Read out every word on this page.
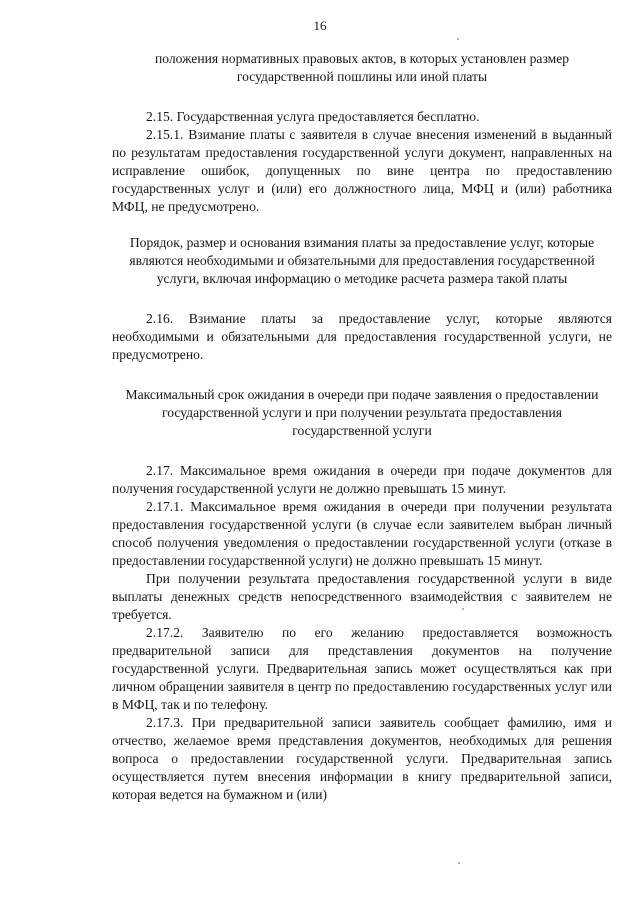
16

положения нормативных правовых актов, в которых установлен размер государственной пошлины или иной платы

2.15. Государственная услуга предоставляется бесплатно.

2.15.1. Взимание платы с заявителя в случае внесения изменений в выданный по результатам предоставления государственной услуги документ, направленных на исправление ошибок, допущенных по вине центра по предоставлению государственных услуг и (или) его должностного лица, МФЦ и (или) работника МФЦ, не предусмотрено.

Порядок, размер и основания взимания платы за предоставление услуг, которые являются необходимыми и обязательными для предоставления государственной услуги, включая информацию о методике расчета размера такой платы

2.16. Взимание платы за предоставление услуг, которые являются необходимыми и обязательными для предоставления государственной услуги, не предусмотрено.

Максимальный срок ожидания в очереди при подаче заявления о предоставлении государственной услуги и при получении результата предоставления государственной услуги

2.17. Максимальное время ожидания в очереди при подаче документов для получения государственной услуги не должно превышать 15 минут.

2.17.1. Максимальное время ожидания в очереди при получении результата предоставления государственной услуги (в случае если заявителем выбран личный способ получения уведомления о предоставлении государственной услуги (отказе в предоставлении государственной услуги) не должно превышать 15 минут.

При получении результата предоставления государственной услуги в виде выплаты денежных средств непосредственного взаимодействия с заявителем не требуется.

2.17.2. Заявителю по его желанию предоставляется возможность предварительной записи для представления документов на получение государственной услуги. Предварительная запись может осуществляться как при личном обращении заявителя в центр по предоставлению государственных услуг или в МФЦ, так и по телефону.

2.17.3. При предварительной записи заявитель сообщает фамилию, имя и отчество, желаемое время представления документов, необходимых для решения вопроса о предоставлении государственной услуги. Предварительная запись осуществляется путем внесения информации в книгу предварительной записи, которая ведется на бумажном и (или)
